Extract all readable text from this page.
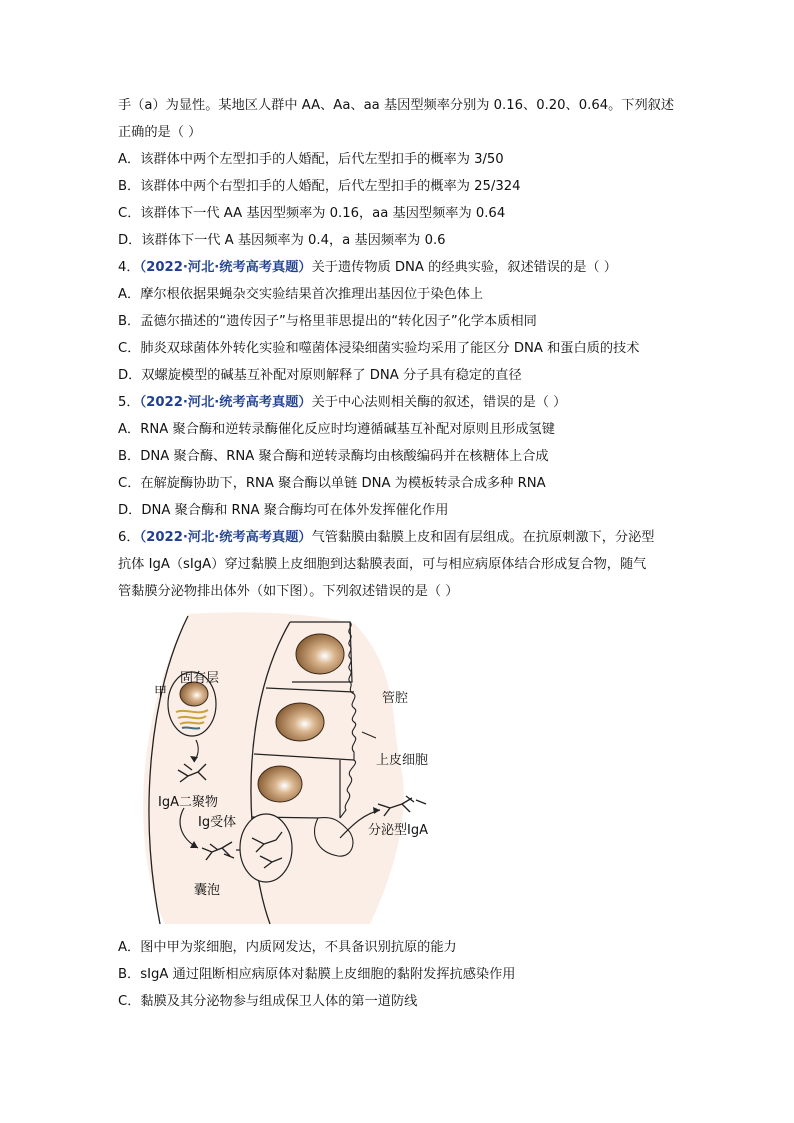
手（a）为显性。某地区人群中 AA、Aa、aa 基因型频率分别为 0.16、0.20、0.64。下列叙述
正确的是（ ）
A．该群体中两个左型扣手的人婚配，后代左型扣手的概率为 3/50
B．该群体中两个右型扣手的人婚配，后代左型扣手的概率为 25/324
C．该群体下一代 AA 基因型频率为 0.16，aa 基因型频率为 0.64
D．该群体下一代 A 基因频率为 0.4，a 基因频率为 0.6
4．（2022·河北·统考高考真题）关于遗传物质 DNA 的经典实验，叙述错误的是（ ）
A．摩尔根依据果蝇杂交实验结果首次推理出基因位于染色体上
B．孟德尔描述的“遗传因子”与格里菲思提出的“转化因子”化学本质相同
C．肺炎双球菌体外转化实验和噬菌体浸染细菌实验均采用了能区分 DNA 和蛋白质的技术
D．双螺旋模型的碱基互补配对原则解释了 DNA 分子具有稳定的直径
5．（2022·河北·统考高考真题）关于中心法则相关酶的叙述，错误的是（ ）
A．RNA 聚合酶和逆转录酶催化反应时均遵循碱基互补配对原则且形成氢键
B．DNA 聚合酶、RNA 聚合酶和逆转录酶均由核酸编码并在核糖体上合成
C．在解旋酶协助下，RNA 聚合酶以单链 DNA 为模板转录合成多种 RNA
D．DNA 聚合酶和 RNA 聚合酶均可在体外发挥催化作用
6．（2022·河北·统考高考真题）气管黏膜由黏膜上皮和固有层组成。在抗原刺激下，分泌型
抗体 IgA（sIgA）穿过黏膜上皮细胞到达黏膜表面，可与相应病原体结合形成复合物，随气
管黏膜分泌物排出体外（如下图）。下列叙述错误的是（ ）
固有层
甲	管腔
上皮细胞
IgA二聚物
Ig受体
分泌型IgA
囊泡
A．图中甲为浆细胞，内质网发达，不具备识别抗原的能力
B．sIgA 通过阻断相应病原体对黏膜上皮细胞的黏附发挥抗感染作用
C．黏膜及其分泌物参与组成保卫人体的第一道防线
